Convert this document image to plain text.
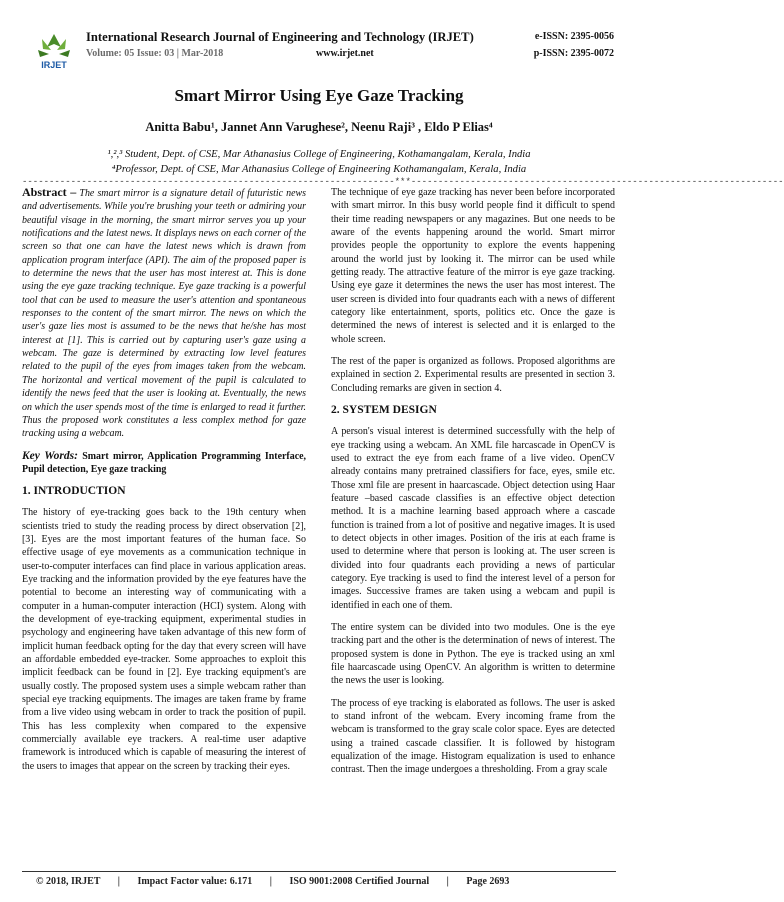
IRJET
International Research Journal of Engineering and Technology (IRJET)	e-ISSN: 2395-0056
Volume: 05 Issue: 03 | Mar-2018	www.irjet.net	p-ISSN: 2395-0072
Smart Mirror Using Eye Gaze Tracking
Anitta Babu¹, Jannet Ann Varughese², Neenu Raji³ , Eldo P Elias⁴
¹,²,³ Student, Dept. of CSE, Mar Athanasius College of Engineering, Kothamangalam, Kerala, India
⁴Professor, Dept. of CSE, Mar Athanasius College of Engineering Kothamangalam, Kerala, India
---------------------------------------------------------------------***---------------------------------------------------------------------

Abstract – The smart mirror is a signature detail of futuristic news and advertisements. While you're brushing your teeth or admiring your beautiful visage in the morning, the smart mirror serves you up your notifications and the latest news. It displays news on each corner of the screen so that one can have the latest news which is drawn from application program interface (API). The aim of the proposed paper is to determine the news that the user has most interest at. This is done using the eye gaze tracking technique. Eye gaze tracking is a powerful tool that can be used to measure the user's attention and spontaneous responses to the content of the smart mirror. The news on which the user's gaze lies most is assumed to be the news that he/she has most interest at [1]. This is carried out by capturing user's gaze using a webcam. The gaze is determined by extracting low level features related to the pupil of the eyes from images taken from the webcam. The horizontal and vertical movement of the pupil is calculated to identify the news feed that the user is looking at. Eventually, the news on which the user spends most of the time is enlarged to read it further. Thus the proposed work constitutes a less complex method for gaze tracking using a webcam.

Key Words: Smart mirror, Application Programming Interface, Pupil detection, Eye gaze tracking

1. INTRODUCTION

The history of eye-tracking goes back to the 19th century when scientists tried to study the reading process by direct observation [2], [3]. Eyes are the most important features of the human face. So effective usage of eye movements as a communication technique in user-to-computer interfaces can find place in various application areas. Eye tracking and the information provided by the eye features have the potential to become an interesting way of communicating with a computer in a human-computer interaction (HCI) system. Along with the development of eye-tracking equipment, experimental studies in psychology and engineering have taken advantage of this new form of implicit human feedback opting for the day that every screen will have an affordable embedded eye-tracker. Some approaches to exploit this implicit feedback can be found in [2]. Eye tracking equipment's are usually costly. The proposed system uses a simple webcam rather than special eye tracking equipments. The images are taken frame by frame from a live video using webcam in order to track the position of pupil. This has less complexity when compared to the expensive commercially available eye trackers. A real-time user adaptive framework is introduced which is capable of measuring the interest of the users to images that appear on the screen by tracking their eyes.

The technique of eye gaze tracking has never been before incorporated with smart mirror. In this busy world people find it difficult to spend their time reading newspapers or any magazines. But one needs to be aware of the events happening around the world. Smart mirror provides people the opportunity to explore the events happening around the world just by looking it. The mirror can be used while getting ready. The attractive feature of the mirror is eye gaze tracking. Using eye gaze it determines the news the user has most interest. The user screen is divided into four quadrants each with a news of different category like entertainment, sports, politics etc. Once the gaze is determined the news of interest is selected and it is enlarged to the whole screen.

The rest of the paper is organized as follows. Proposed algorithms are explained in section 2. Experimental results are presented in section 3. Concluding remarks are given in section 4.

2. SYSTEM DESIGN

A person's visual interest is determined successfully with the help of eye tracking using a webcam. An XML file harcascade in OpenCV is used to extract the eye from each frame of a live video. OpenCV already contains many pretrained classifiers for face, eyes, smile etc. Those xml file are present in haarcascade. Object detection using Haar feature –based cascade classifies is an effective object detection method. It is a machine learning based approach where a cascade function is trained from a lot of positive and negative images. It is used to detect objects in other images. Position of the iris at each frame is used to determine where that person is looking at. The user screen is divided into four quadrants each providing a news of particular category. Eye tracking is used to find the interest level of a person for images. Successive frames are taken using a webcam and pupil is identified in each one of them.

The entire system can be divided into two modules. One is the eye tracking part and the other is the determination of news of interest. The proposed system is done in Python. The eye is tracked using an xml file haarcascade using OpenCV. An algorithm is written to determine the news the user is looking.

The process of eye tracking is elaborated as follows. The user is asked to stand infront of the webcam. Every incoming frame from the webcam is transformed to the gray scale color space. Eyes are detected using a trained cascade classifier. It is followed by histogram equalization of the image. Histogram equalization is used to enhance contrast. Then the image undergoes a thresholding. From a gray scale

© 2018, IRJET       |       Impact Factor value: 6.171       |       ISO 9001:2008 Certified Journal       |       Page 2693
